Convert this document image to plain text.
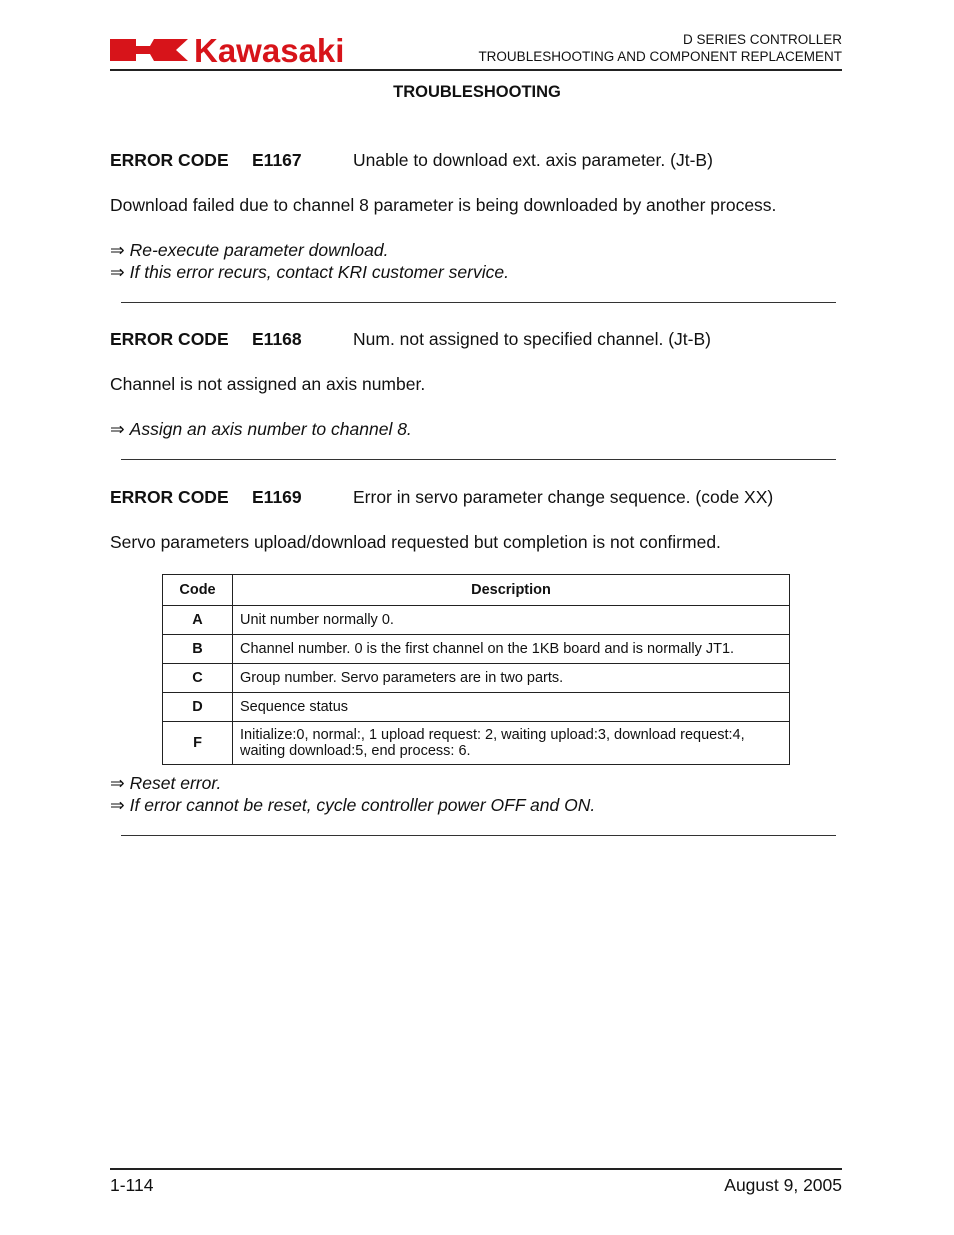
Kawasaki	D SERIES CONTROLLER
TROUBLESHOOTING AND COMPONENT REPLACEMENT
TROUBLESHOOTING
ERROR CODE E1167	Unable to download ext. axis parameter. (Jt-B)
Download failed due to channel 8 parameter is being downloaded by another process.
⇒ Re-execute parameter download.
⇒ If this error recurs, contact KRI customer service.
ERROR CODE E1168	Num. not assigned to specified channel. (Jt-B)
Channel is not assigned an axis number.
⇒ Assign an axis number to channel 8.
ERROR CODE E1169	Error in servo parameter change sequence. (code XX)
Servo parameters upload/download requested but completion is not confirmed.
Code	Description
A	Unit number normally 0.
B	Channel number. 0 is the first channel on the 1KB board and is normally JT1.
C	Group number. Servo parameters are in two parts.
D	Sequence status
F	Initialize:0, normal:, 1 upload request: 2, waiting upload:3, download request:4,
waiting download:5, end process: 6.
⇒ Reset error.
⇒ If error cannot be reset, cycle controller power OFF and ON.
1-114	August 9, 2005
